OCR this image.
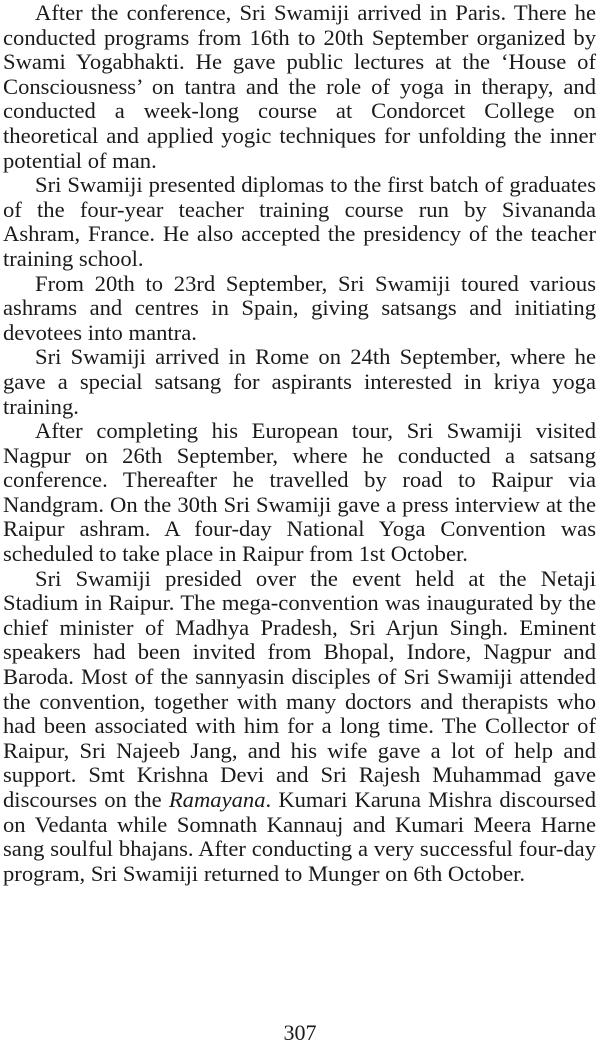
After the conference, Sri Swamiji arrived in Paris. There he conducted programs from 16th to 20th September organized by Swami Yogabhakti. He gave public lectures at the ‘House of Consciousness’ on tantra and the role of yoga in therapy, and conducted a week-long course at Condorcet College on theoretical and applied yogic techniques for unfolding the inner potential of man.

Sri Swamiji presented diplomas to the first batch of graduates of the four-year teacher training course run by Sivananda Ashram, France. He also accepted the presidency of the teacher training school.

From 20th to 23rd September, Sri Swamiji toured various ashrams and centres in Spain, giving satsangs and initiating devotees into mantra.

Sri Swamiji arrived in Rome on 24th September, where he gave a special satsang for aspirants interested in kriya yoga training.

After completing his European tour, Sri Swamiji visited Nagpur on 26th September, where he conducted a satsang conference. Thereafter he travelled by road to Raipur via Nandgram. On the 30th Sri Swamiji gave a press interview at the Raipur ashram. A four-day National Yoga Convention was scheduled to take place in Raipur from 1st October.

Sri Swamiji presided over the event held at the Netaji Stadium in Raipur. The mega-convention was inaugurated by the chief minister of Madhya Pradesh, Sri Arjun Singh. Eminent speakers had been invited from Bhopal, Indore, Nagpur and Baroda. Most of the sannyasin disciples of Sri Swamiji attended the convention, together with many doctors and therapists who had been associated with him for a long time. The Collector of Raipur, Sri Najeeb Jang, and his wife gave a lot of help and support. Smt Krishna Devi and Sri Rajesh Muhammad gave discourses on the Ramayana. Kumari Karuna Mishra discoursed on Vedanta while Somnath Kannauj and Kumari Meera Harne sang soulful bhajans. After conducting a very successful four-day program, Sri Swamiji returned to Munger on 6th October.

307
